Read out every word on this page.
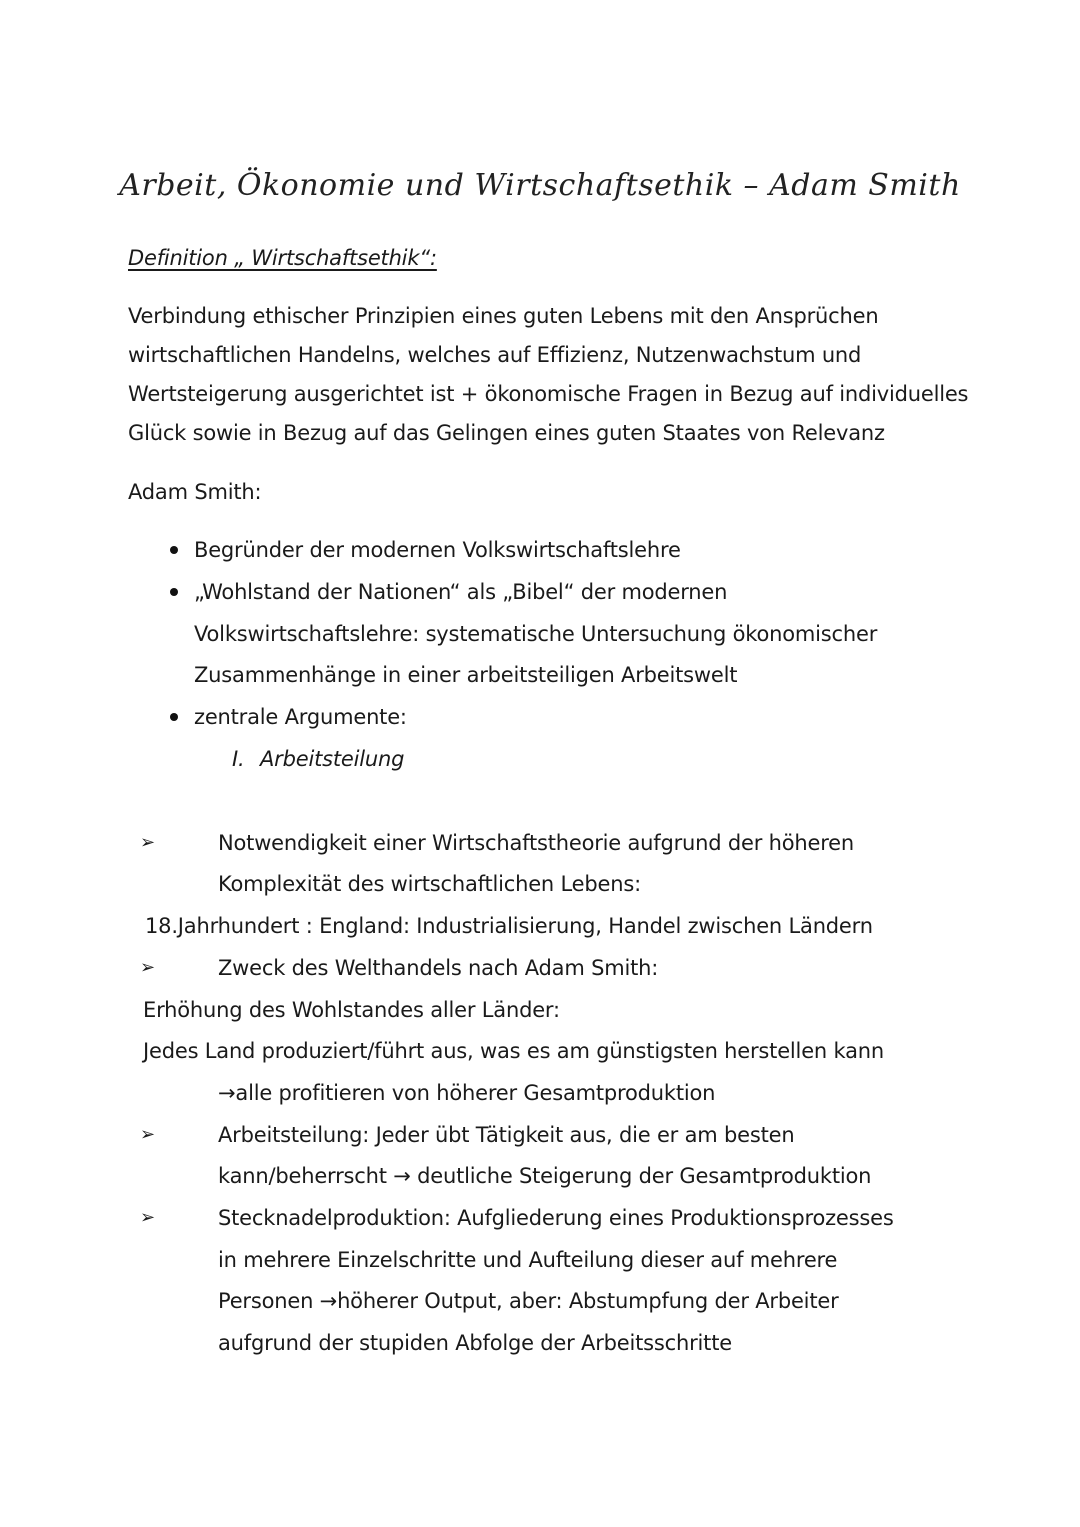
Arbeit, Ökonomie und Wirtschaftsethik – Adam Smith
Definition „ Wirtschaftsethik“:
Verbindung ethischer Prinzipien eines guten Lebens mit den Ansprüchen
wirtschaftlichen Handelns, welches auf Effizienz, Nutzenwachstum und
Wertsteigerung ausgerichtet ist + ökonomische Fragen in Bezug auf individuelles
Glück sowie in Bezug auf das Gelingen eines guten Staates von Relevanz
Adam Smith:
Begründer der modernen Volkswirtschaftslehre
„Wohlstand der Nationen“ als „Bibel“ der modernen
Volkswirtschaftslehre: systematische Untersuchung ökonomischer
Zusammenhänge in einer arbeitsteiligen Arbeitswelt
zentrale Argumente:
I. Arbeitsteilung
➢	Notwendigkeit einer Wirtschaftstheorie aufgrund der höheren
Komplexität des wirtschaftlichen Lebens:
18.Jahrhundert : England: Industrialisierung, Handel zwischen Ländern
➢	Zweck des Welthandels nach Adam Smith:
Erhöhung des Wohlstandes aller Länder:
Jedes Land produziert/führt aus, was es am günstigsten herstellen kann
→alle profitieren von höherer Gesamtproduktion
➢	Arbeitsteilung: Jeder übt Tätigkeit aus, die er am besten
kann/beherrscht → deutliche Steigerung der Gesamtproduktion
➢	Stecknadelproduktion: Aufgliederung eines Produktionsprozesses
in mehrere Einzelschritte und Aufteilung dieser auf mehrere
Personen →höherer Output, aber: Abstumpfung der Arbeiter
aufgrund der stupiden Abfolge der Arbeitsschritte
